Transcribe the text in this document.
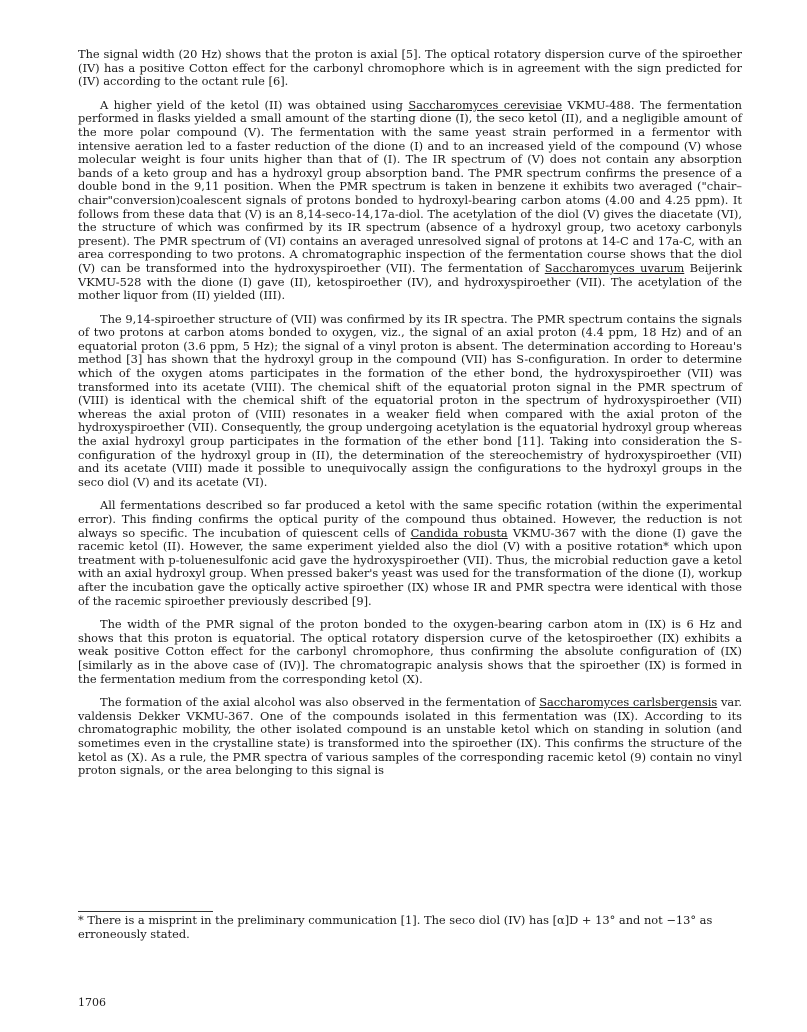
The signal width (20 Hz) shows that the proton is axial [5]. The optical rotatory dispersion curve of the spiroether (IV) has a positive Cotton effect for the carbonyl chromophore which is in agreement with the sign predicted for (IV) according to the octant rule [6].

A higher yield of the ketol (II) was obtained using Saccharomyces cerevisiae VKMU-488. The fermentation performed in flasks yielded a small amount of the starting dione (I), the seco ketol (II), and a negligible amount of the more polar compound (V). The fermentation with the same yeast strain performed in a fermentor with intensive aeration led to a faster reduction of the dione (I) and to an increased yield of the compound (V) whose molecular weight is four units higher than that of (I). The IR spectrum of (V) does not contain any absorption bands of a keto group and has a hydroxyl group absorption band. The PMR spectrum confirms the presence of a double bond in the 9,11 position. When the PMR spectrum is taken in benzene it exhibits two averaged ("chair–chair"conversion)coalescent signals of protons bonded to hydroxyl-bearing carbon atoms (4.00 and 4.25 ppm). It follows from these data that (V) is an 8,14-seco-14,17a-diol. The acetylation of the diol (V) gives the diacetate (VI), the structure of which was confirmed by its IR spectrum (absence of a hydroxyl group, two acetoxy carbonyls present). The PMR spectrum of (VI) contains an averaged unresolved signal of protons at 14-C and 17a-C, with an area corresponding to two protons. A chromatographic inspection of the fermentation course shows that the diol (V) can be transformed into the hydroxyspiroether (VII). The fermentation of Saccharomyces uvarum Beijerink VKMU-528 with the dione (I) gave (II), ketospiroether (IV), and hydroxyspiroether (VII). The acetylation of the mother liquor from (II) yielded (III).

The 9,14-spiroether structure of (VII) was confirmed by its IR spectra. The PMR spectrum contains the signals of two protons at carbon atoms bonded to oxygen, viz., the signal of an axial proton (4.4 ppm, 18 Hz) and of an equatorial proton (3.6 ppm, 5 Hz); the signal of a vinyl proton is absent. The determination according to Horeau's method [3] has shown that the hydroxyl group in the compound (VII) has S-configuration. In order to determine which of the oxygen atoms participates in the formation of the ether bond, the hydroxyspiroether (VII) was transformed into its acetate (VIII). The chemical shift of the equatorial proton signal in the PMR spectrum of (VIII) is identical with the chemical shift of the equatorial proton in the spectrum of hydroxyspiroether (VII) whereas the axial proton of (VIII) resonates in a weaker field when compared with the axial proton of the hydroxyspiroether (VII). Consequently, the group undergoing acetylation is the equatorial hydroxyl group whereas the axial hydroxyl group participates in the formation of the ether bond [11]. Taking into consideration the S-configuration of the hydroxyl group in (II), the determination of the stereochemistry of hydroxyspiroether (VII) and its acetate (VIII) made it possible to unequivocally assign the configurations to the hydroxyl groups in the seco diol (V) and its acetate (VI).

All fermentations described so far produced a ketol with the same specific rotation (within the experimental error). This finding confirms the optical purity of the compound thus obtained. However, the reduction is not always so specific. The incubation of quiescent cells of Candida robusta VKMU-367 with the dione (I) gave the racemic ketol (II). However, the same experiment yielded also the diol (V) with a positive rotation* which upon treatment with p-toluenesulfonic acid gave the hydroxyspiroether (VII). Thus, the microbial reduction gave a ketol with an axial hydroxyl group. When pressed baker's yeast was used for the transformation of the dione (I), workup after the incubation gave the optically active spiroether (IX) whose IR and PMR spectra were identical with those of the racemic spiroether previously described [9].

The width of the PMR signal of the proton bonded to the oxygen-bearing carbon atom in (IX) is 6 Hz and shows that this proton is equatorial. The optical rotatory dispersion curve of the ketospiroether (IX) exhibits a weak positive Cotton effect for the carbonyl chromophore, thus confirming the absolute configuration of (IX) [similarly as in the above case of (IV)]. The chromatograpic analysis shows that the spiroether (IX) is formed in the fermentation medium from the corresponding ketol (X).

The formation of the axial alcohol was also observed in the fermentation of Saccharomyces carlsbergensis var. valdensis Dekker VKMU-367. One of the compounds isolated in this fermentation was (IX). According to its chromatographic mobility, the other isolated compound is an unstable ketol which on standing in solution (and sometimes even in the crystalline state) is transformed into the spiroether (IX). This confirms the structure of the ketol as (X). As a rule, the PMR spectra of various samples of the corresponding racemic ketol (9) contain no vinyl proton signals, or the area belonging to this signal is

* There is a misprint in the preliminary communication [1]. The seco diol (IV) has [α]D + 13° and not −13° as erroneously stated.
1706
